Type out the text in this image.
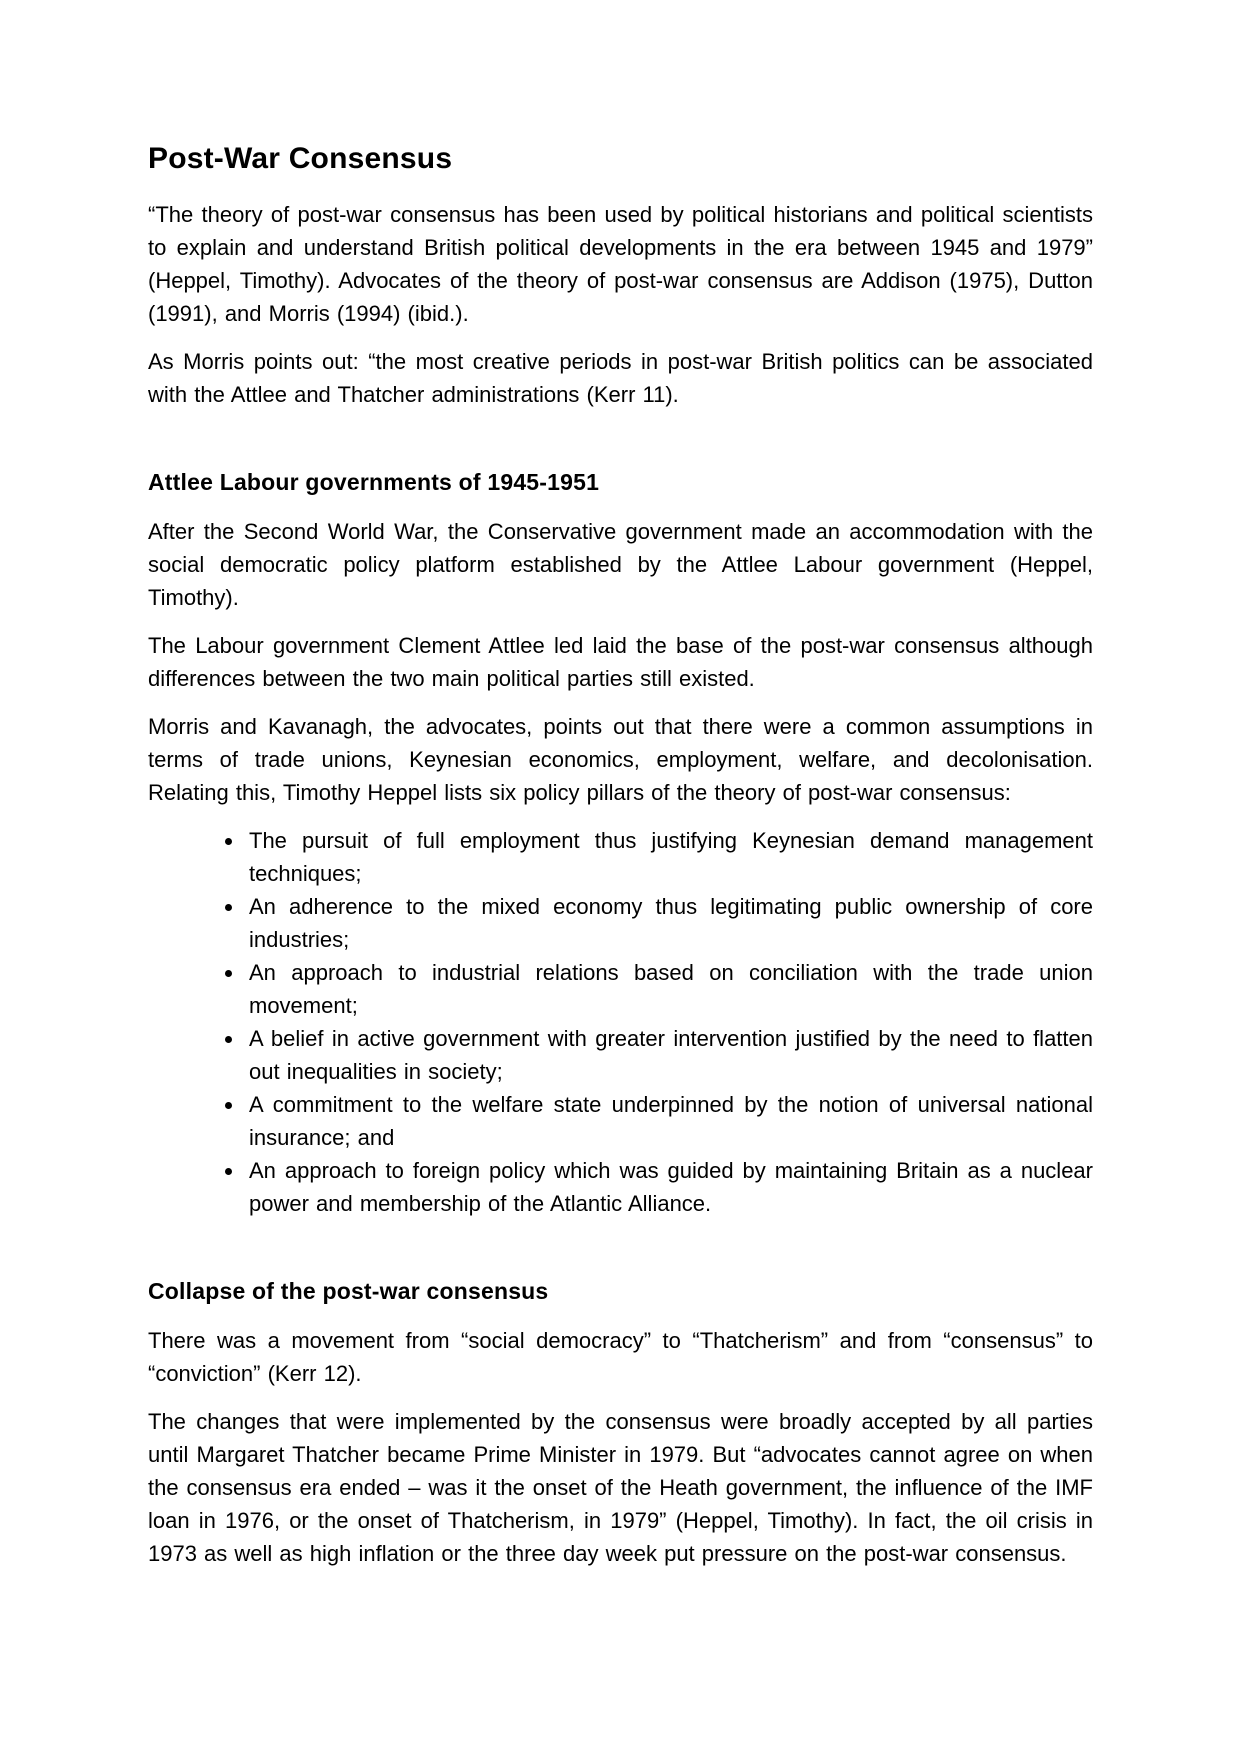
Post-War Consensus

“The theory of post-war consensus has been used by political historians and political scientists to explain and understand British political developments in the era between 1945 and 1979” (Heppel, Timothy). Advocates of the theory of post-war consensus are Addison (1975), Dutton (1991), and Morris (1994) (ibid.).

As Morris points out: “the most creative periods in post-war British politics can be associated with the Attlee and Thatcher administrations (Kerr 11).

Attlee Labour governments of 1945-1951

After the Second World War, the Conservative government made an accommodation with the social democratic policy platform established by the Attlee Labour government (Heppel, Timothy).

The Labour government Clement Attlee led laid the base of the post-war consensus although differences between the two main political parties still existed.

Morris and Kavanagh, the advocates, points out that there were a common assumptions in terms of trade unions, Keynesian economics, employment, welfare, and decolonisation. Relating this, Timothy Heppel lists six policy pillars of the theory of post-war consensus:

• The pursuit of full employment thus justifying Keynesian demand management techniques;
• An adherence to the mixed economy thus legitimating public ownership of core industries;
• An approach to industrial relations based on conciliation with the trade union movement;
• A belief in active government with greater intervention justified by the need to flatten out inequalities in society;
• A commitment to the welfare state underpinned by the notion of universal national insurance; and
• An approach to foreign policy which was guided by maintaining Britain as a nuclear power and membership of the Atlantic Alliance.
Collapse of the post-war consensus

There was a movement from “social democracy” to “Thatcherism” and from “consensus” to “conviction” (Kerr 12).

The changes that were implemented by the consensus were broadly accepted by all parties until Margaret Thatcher became Prime Minister in 1979. But “advocates cannot agree on when the consensus era ended – was it the onset of the Heath government, the influence of the IMF loan in 1976, or the onset of Thatcherism, in 1979” (Heppel, Timothy). In fact, the oil crisis in 1973 as well as high inflation or the three day week put pressure on the post-war consensus.
